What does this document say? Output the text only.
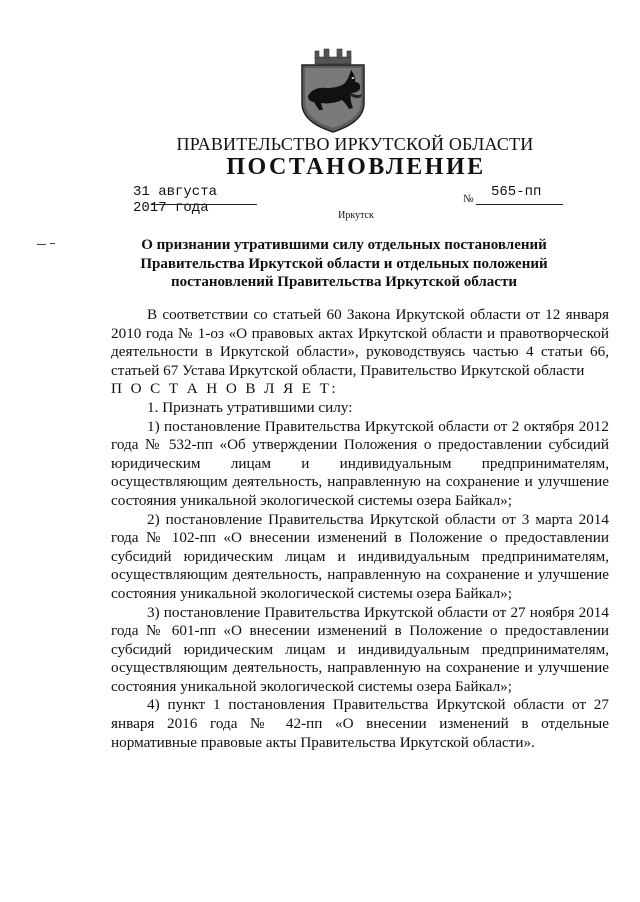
ПРАВИТЕЛЬСТВО ИРКУТСКОЙ ОБЛАСТИ
ПОСТАНОВЛЕНИЕ
31 августа 2017 года
№ 565-пп
Иркутск
О признании утратившими силу отдельных постановлений
Правительства Иркутской области и отдельных положений
постановлений Правительства Иркутской области

В соответствии со статьей 60 Закона Иркутской области от 12 января 2010 года № 1-оз «О правовых актах Иркутской области и правотворческой деятельности в Иркутской области», руководствуясь частью 4 статьи 66, статьей 67 Устава Иркутской области, Правительство Иркутской области

П О С Т А Н О В Л Я Е Т:

1. Признать утратившими силу:

1) постановление Правительства Иркутской области от 2 октября 2012 года № 532-пп «Об утверждении Положения о предоставлении субсидий юридическим лицам и индивидуальным предпринимателям, осуществляющим деятельность, направленную на сохранение и улучшение состояния уникальной экологической системы озера Байкал»;

2) постановление Правительства Иркутской области от 3 марта 2014 года № 102-пп «О внесении изменений в Положение о предоставлении субсидий юридическим лицам и индивидуальным предпринимателям, осуществляющим деятельность, направленную на сохранение и улучшение состояния уникальной экологической системы озера Байкал»;

3) постановление Правительства Иркутской области от 27 ноября 2014 года № 601-пп «О внесении изменений в Положение о предоставлении субсидий юридическим лицам и индивидуальным предпринимателям, осуществляющим деятельность, направленную на сохранение и улучшение состояния уникальной экологической системы озера Байкал»;

4) пункт 1 постановления Правительства Иркутской области от 27 января 2016 года № 42-пп «О внесении изменений в отдельные нормативные правовые акты Правительства Иркутской области».
